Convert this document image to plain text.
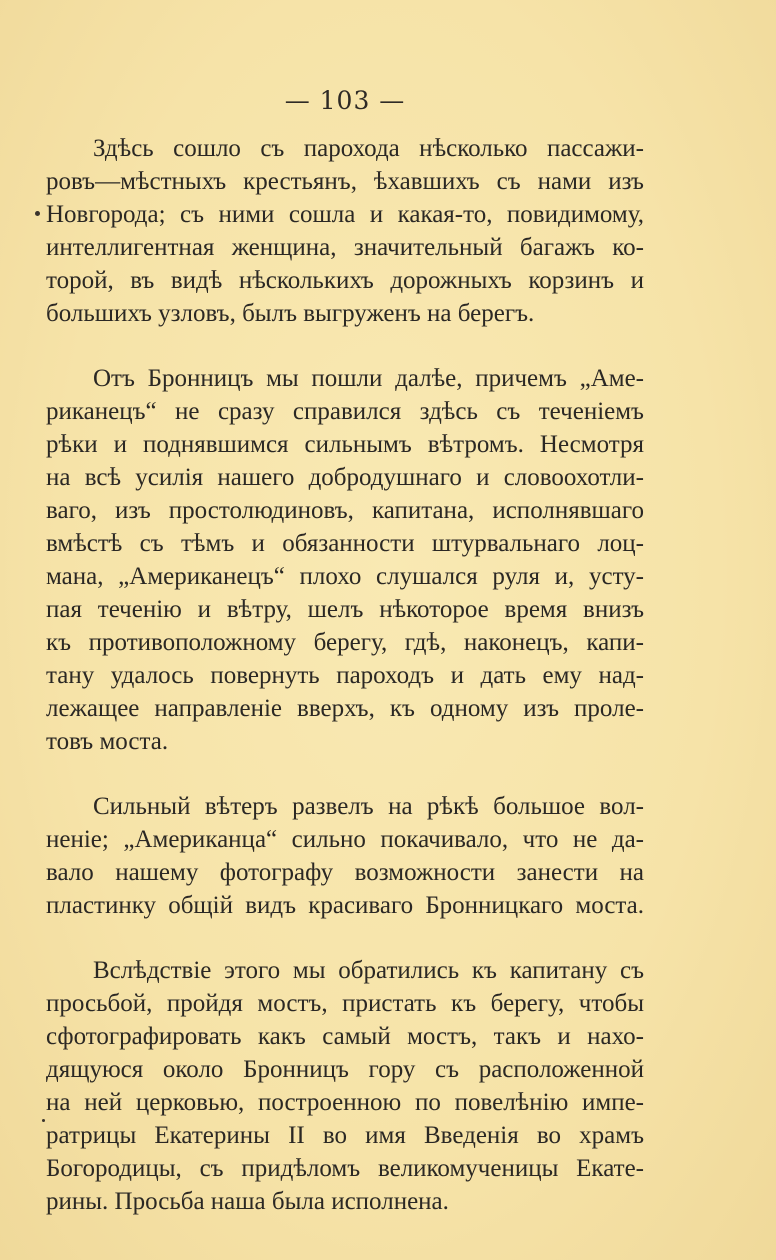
— 103 —
Здѣсь сошло съ парохода нѣсколько пассажи-
ровъ—мѣстныхъ крестьянъ, ѣхавшихъ съ нами изъ
Новгорода; съ ними сошла и какая-то, повидимому,
интеллигентная женщина, значительный багажъ ко-
торой, въ видѣ нѣсколькихъ дорожныхъ корзинъ и
большихъ узловъ, былъ выгруженъ на берегъ.
Отъ Бронницъ мы пошли далѣе, причемъ „Аме-
риканецъ“ не сразу справился здѣсь съ теченіемъ
рѣки и поднявшимся сильнымъ вѣтромъ. Несмотря
на всѣ усилія нашего добродушнаго и словоохотли-
ваго, изъ простолюдиновъ, капитана, исполнявшаго
вмѣстѣ съ тѣмъ и обязанности штурвальнаго лоц-
мана, „Американецъ“ плохо слушался руля и, усту-
пая теченію и вѣтру, шелъ нѣкоторое время внизъ
къ противоположному берегу, гдѣ, наконецъ, капи-
тану удалось повернуть пароходъ и дать ему над-
лежащее направленіе вверхъ, къ одному изъ проле-
товъ моста.
Сильный вѣтеръ развелъ на рѣкѣ большое вол-
неніе; „Американца“ сильно покачивало, что не да-
вало нашему фотографу возможности занести на
пластинку общій видъ красиваго Бронницкаго моста.
Вслѣдствіе этого мы обратились къ капитану съ
просьбой, пройдя мостъ, пристать къ берегу, чтобы
сфотографировать какъ самый мостъ, такъ и нахо-
дящуюся около Бронницъ гору съ расположенной
на ней церковью, построенною по повелѣнію импе-
ратрицы Екатерины II во имя Введенія во храмъ
Богородицы, съ придѣломъ великомученицы Екате-
рины. Просьба наша была исполнена.
